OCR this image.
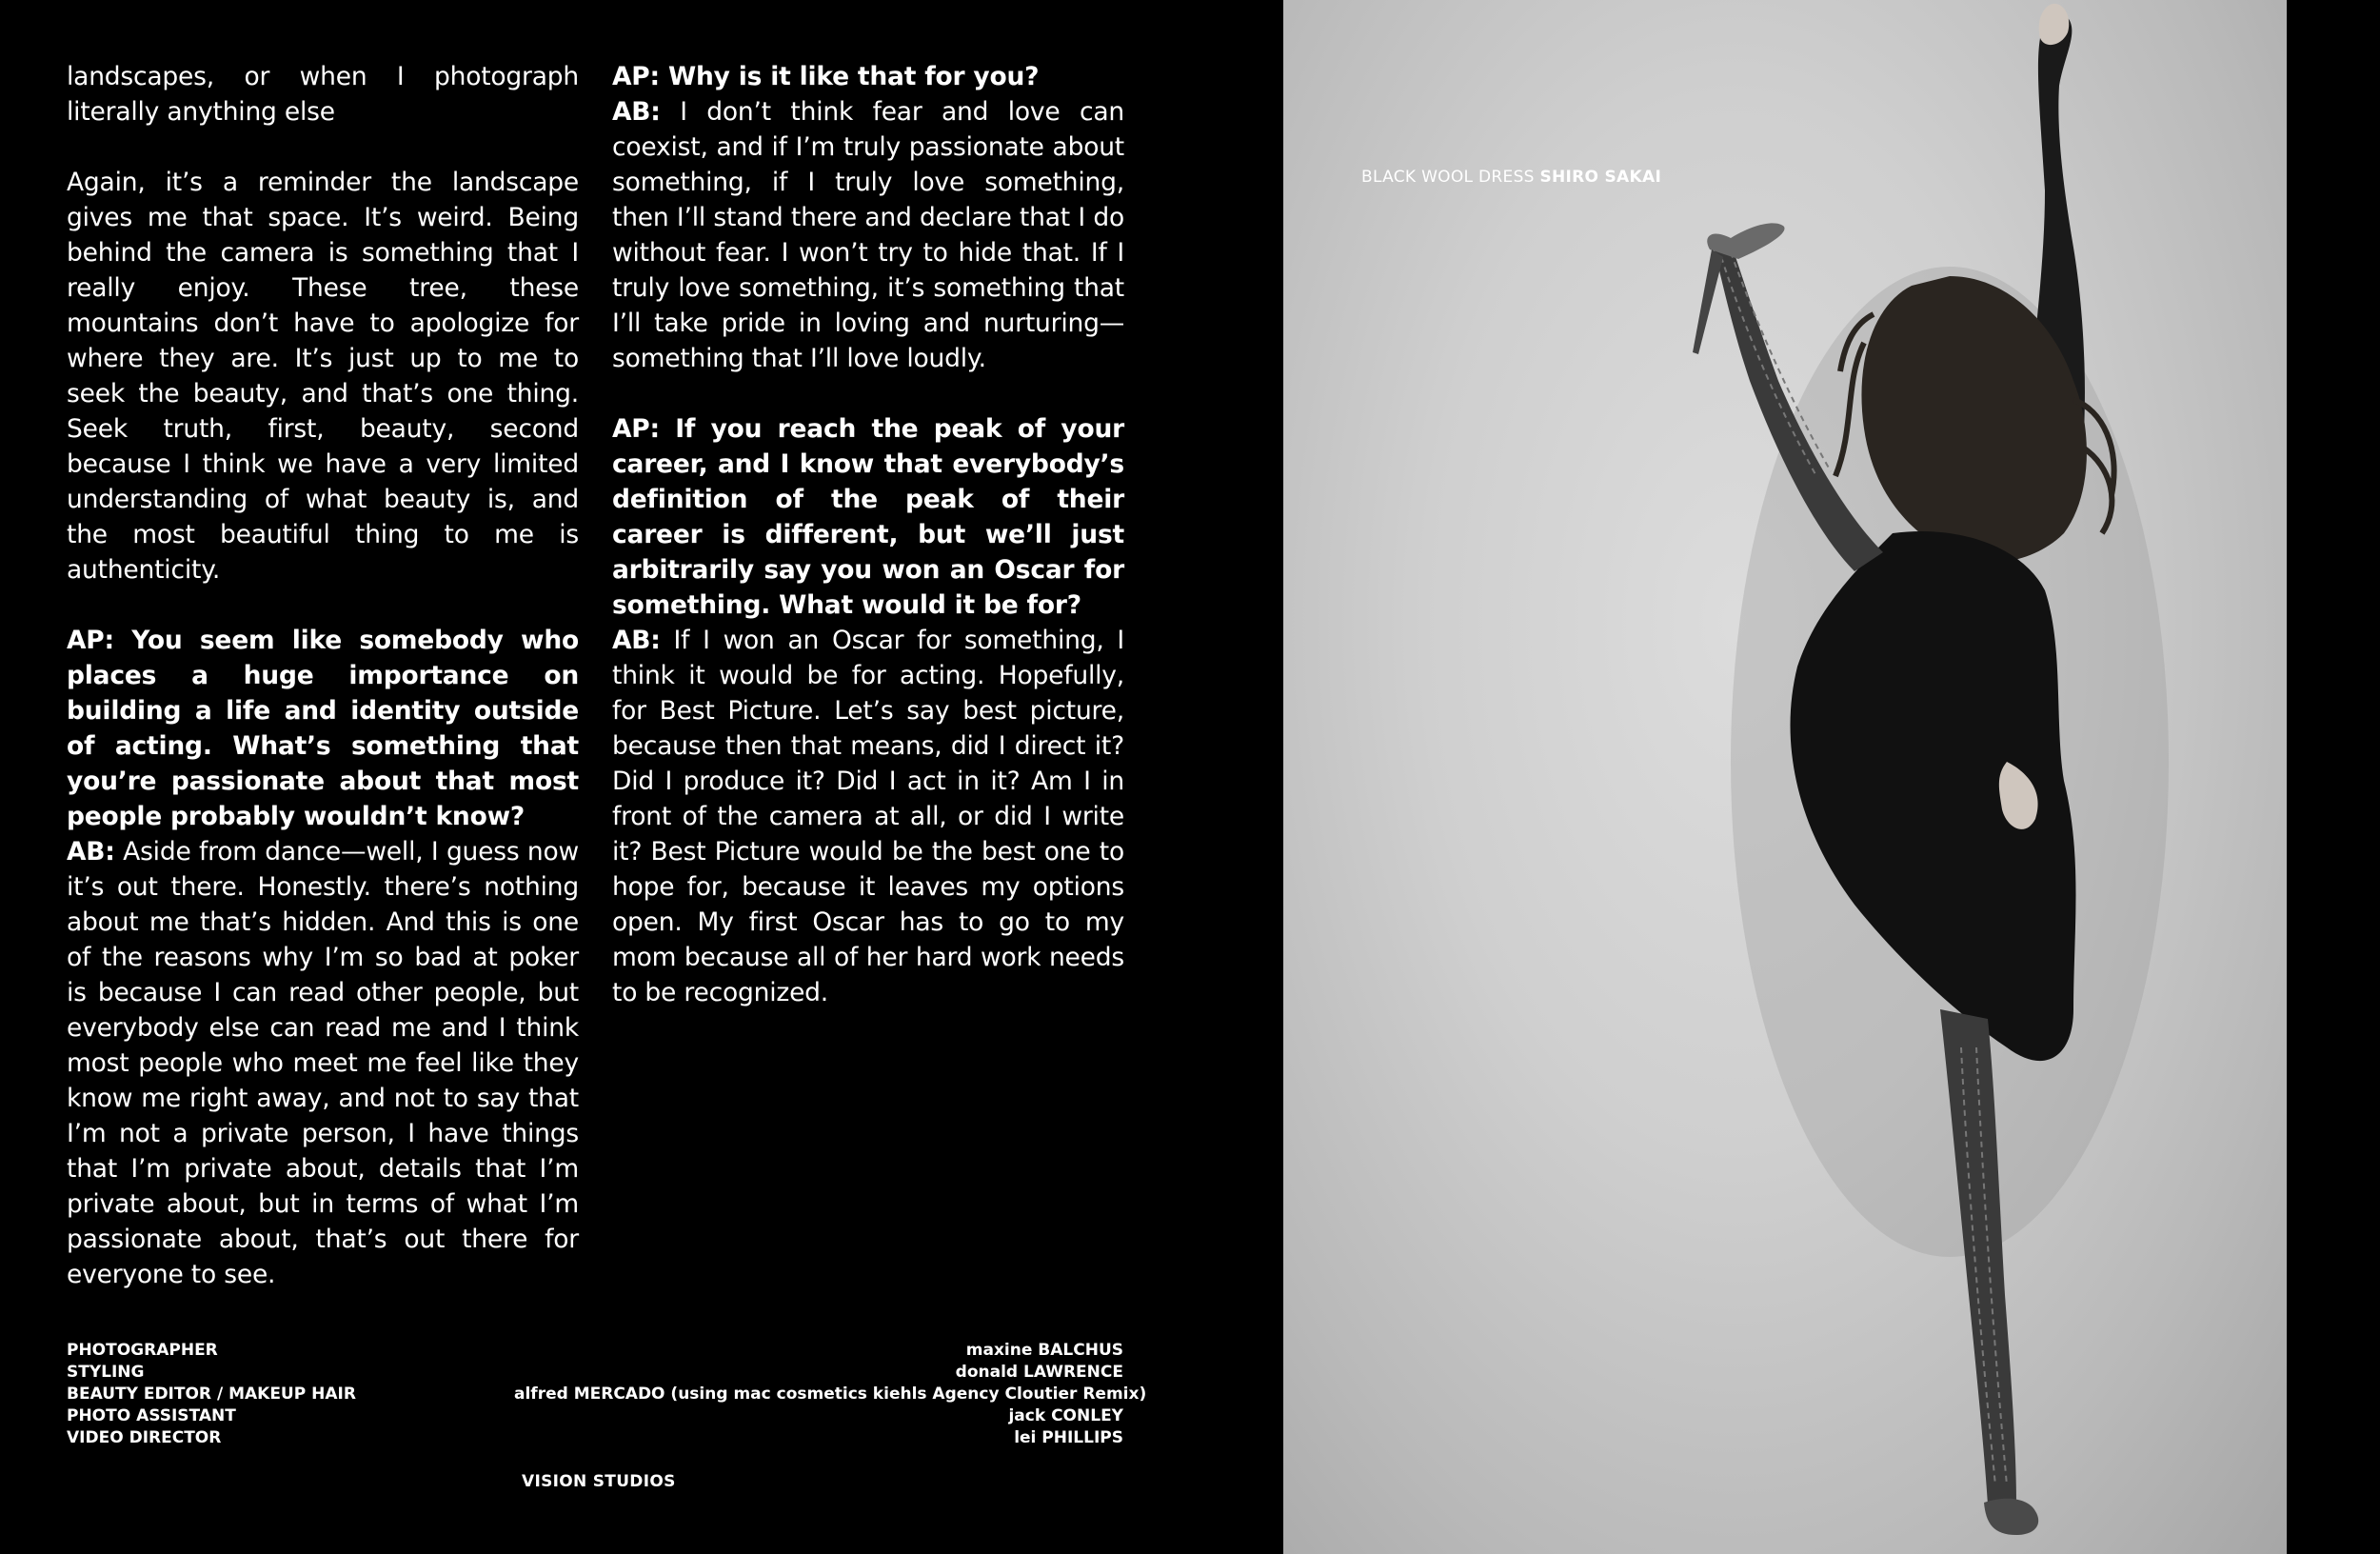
landscapes, or when I photograph literally anything else

Again, it’s a reminder the landscape gives me that space. It’s weird. Being behind the camera is something that I really enjoy. These tree, these mountains don’t have to apologize for where they are. It’s just up to me to seek the beauty, and that’s one thing. Seek truth, first, beauty, second because I think we have a very limited understanding of what beauty is, and the most beautiful thing to me is authenticity.

AP: You seem like somebody who places a huge importance on building a life and identity outside of acting. What’s something that you’re passionate about that most people probably wouldn’t know?
AB: Aside from dance—well, I guess now it’s out there. Honestly. there’s nothing about me that’s hidden. And this is one of the reasons why I’m so bad at poker is because I can read other people, but everybody else can read me and I think most people who meet me feel like they know me right away, and not to say that I’m not a private person, I have things that I’m private about, details that I’m private about, but in terms of what I’m passionate about, that’s out there for everyone to see.

AP: Why is it like that for you?
AB: I don’t think fear and love can coexist, and if I’m truly passionate about something, if I truly love something, then I’ll stand there and declare that I do without fear. I won’t try to hide that. If I truly love something, it’s something that I’ll take pride in loving and nurturing— something that I’ll love loudly.

AP: If you reach the peak of your career, and I know that everybody’s definition of the peak of their career is different, but we’ll just arbitrarily say you won an Oscar for something. What would it be for?
AB: If I won an Oscar for something, I think it would be for acting. Hopefully, for Best Picture. Let’s say best picture, because then that means, did I direct it? Did I produce it? Did I act in it? Am I in front of the camera at all, or did I write it? Best Picture would be the best one to hope for, because it leaves my options open. My first Oscar has to go to my mom because all of her hard work needs to be recognized.

PHOTOGRAPHER
STYLING
BEAUTY EDITOR / MAKEUP HAIR
PHOTO ASSISTANT
VIDEO DIRECTOR
maxine BALCHUS
donald LAWRENCE
alfred MERCADO (using mac cosmetics kiehls Agency Cloutier Remix)
jack CONLEY
lei PHILLIPS
VISION STUDIOS
BLACK WOOL DRESS SHIRO SAKAI
